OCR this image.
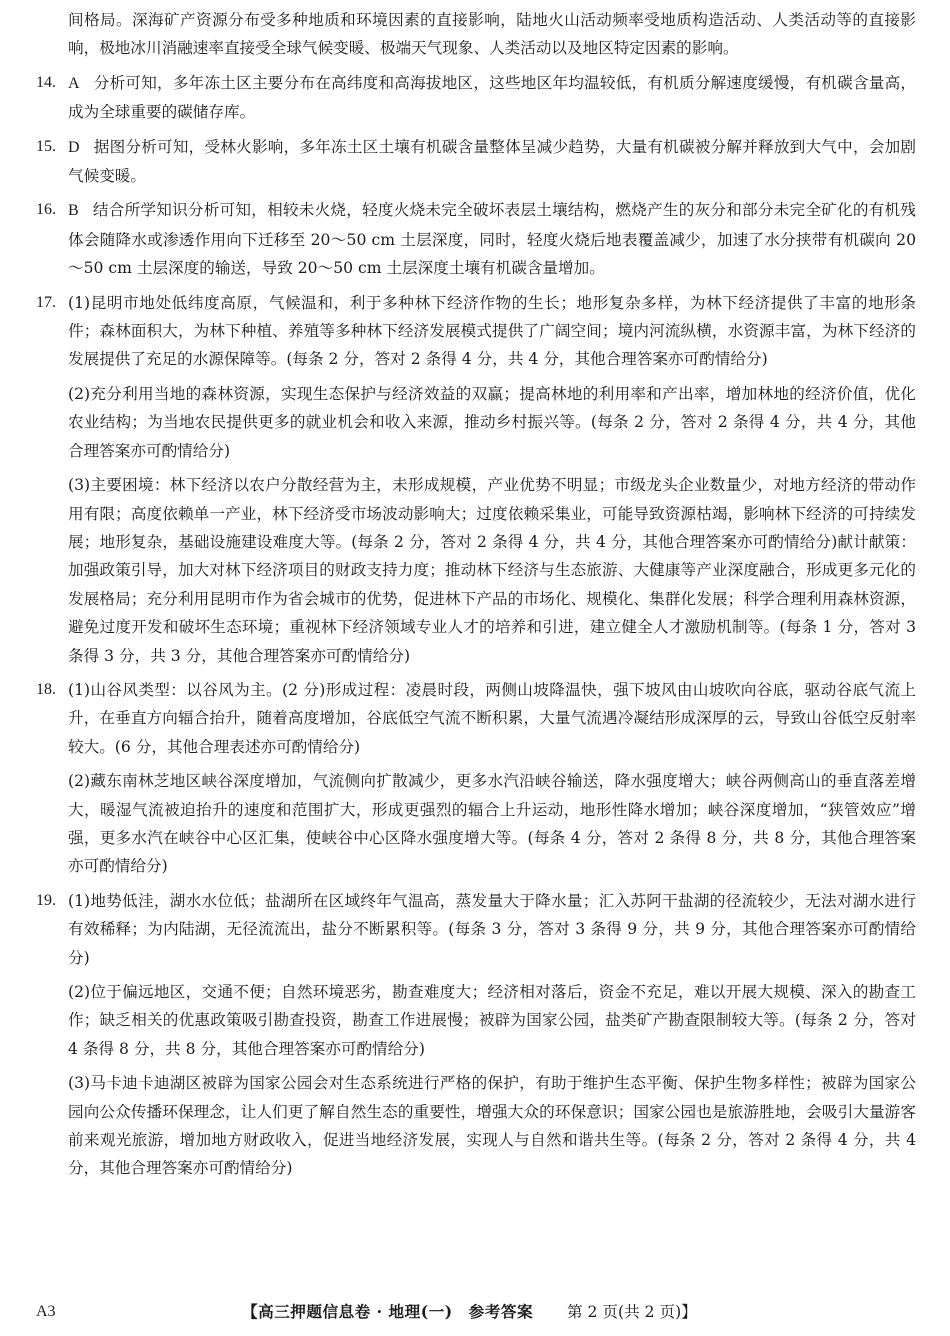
间格局。深海矿产资源分布受多种地质和环境因素的直接影响，陆地火山活动频率受地质构造活动、人类活动等的直接影响，极地冰川消融速率直接受全球气候变暖、极端天气现象、人类活动以及地区特定因素的影响。

14. A 分析可知，多年冻土区主要分布在高纬度和高海拔地区，这些地区年均温较低，有机质分解速度缓慢，有机碳含量高，成为全球重要的碳储存库。

15. D 据图分析可知，受林火影响，多年冻土区土壤有机碳含量整体呈减少趋势，大量有机碳被分解并释放到大气中，会加剧气候变暖。

16. B 结合所学知识分析可知，相较未火烧，轻度火烧未完全破坏表层土壤结构，燃烧产生的灰分和部分未完全矿化的有机残体会随降水或渗透作用向下迁移至 20～50 cm 土层深度，同时，轻度火烧后地表覆盖减少，加速了水分挟带有机碳向 20～50 cm 土层深度的输送，导致 20～50 cm 土层深度土壤有机碳含量增加。

17. (1)昆明市地处低纬度高原，气候温和，利于多种林下经济作物的生长；地形复杂多样，为林下经济提供了丰富的地形条件；森林面积大，为林下种植、养殖等多种林下经济发展模式提供了广阔空间；境内河流纵横，水资源丰富，为林下经济的发展提供了充足的水源保障等。(每条 2 分，答对 2 条得 4 分，共 4 分，其他合理答案亦可酌情给分)

(2)充分利用当地的森林资源，实现生态保护与经济效益的双赢；提高林地的利用率和产出率，增加林地的经济价值，优化农业结构；为当地农民提供更多的就业机会和收入来源，推动乡村振兴等。(每条 2 分，答对 2 条得 4 分，共 4 分，其他合理答案亦可酌情给分)

(3)主要困境：林下经济以农户分散经营为主，未形成规模，产业优势不明显；市级龙头企业数量少，对地方经济的带动作用有限；高度依赖单一产业，林下经济受市场波动影响大；过度依赖采集业，可能导致资源枯竭，影响林下经济的可持续发展；地形复杂，基础设施建设难度大等。(每条 2 分，答对 2 条得 4 分，共 4 分，其他合理答案亦可酌情给分)献计献策：加强政策引导，加大对林下经济项目的财政支持力度；推动林下经济与生态旅游、大健康等产业深度融合，形成更多元化的发展格局；充分利用昆明市作为省会城市的优势，促进林下产品的市场化、规模化、集群化发展；科学合理利用森林资源，避免过度开发和破坏生态环境；重视林下经济领域专业人才的培养和引进，建立健全人才激励机制等。(每条 1 分，答对 3 条得 3 分，共 3 分，其他合理答案亦可酌情给分)

18. (1)山谷风类型：以谷风为主。(2 分)形成过程：凌晨时段，两侧山坡降温快，强下坡风由山坡吹向谷底，驱动谷底气流上升，在垂直方向辐合抬升，随着高度增加，谷底低空气流不断积累，大量气流遇冷凝结形成深厚的云，导致山谷低空反射率较大。(6 分，其他合理表述亦可酌情给分)

(2)藏东南林芝地区峡谷深度增加，气流侧向扩散减少，更多水汽沿峡谷输送，降水强度增大；峡谷两侧高山的垂直落差增大，暖湿气流被迫抬升的速度和范围扩大，形成更强烈的辐合上升运动，地形性降水增加；峡谷深度增加，“狭管效应”增强，更多水汽在峡谷中心区汇集，使峡谷中心区降水强度增大等。(每条 4 分，答对 2 条得 8 分，共 8 分，其他合理答案亦可酌情给分)

19. (1)地势低洼，湖水水位低；盐湖所在区域终年气温高，蒸发量大于降水量；汇入苏阿干盐湖的径流较少，无法对湖水进行有效稀释；为内陆湖，无径流流出，盐分不断累积等。(每条 3 分，答对 3 条得 9 分，共 9 分，其他合理答案亦可酌情给分)

(2)位于偏远地区，交通不便；自然环境恶劣，勘查难度大；经济相对落后，资金不充足，难以开展大规模、深入的勘查工作；缺乏相关的优惠政策吸引勘查投资，勘查工作进展慢；被辟为国家公园，盐类矿产勘查限制较大等。(每条 2 分，答对 4 条得 8 分，共 8 分，其他合理答案亦可酌情给分)

(3)马卡迪卡迪湖区被辟为国家公园会对生态系统进行严格的保护，有助于维护生态平衡、保护生物多样性；被辟为国家公园向公众传播环保理念，让人们更了解自然生态的重要性，增强大众的环保意识；国家公园也是旅游胜地，会吸引大量游客前来观光旅游，增加地方财政收入，促进当地经济发展，实现人与自然和谐共生等。(每条 2 分，答对 2 条得 4 分，共 4 分，其他合理答案亦可酌情给分)

A3	【高三押题信息卷 · 地理(一)　参考答案 第 2 页(共 2 页)】
